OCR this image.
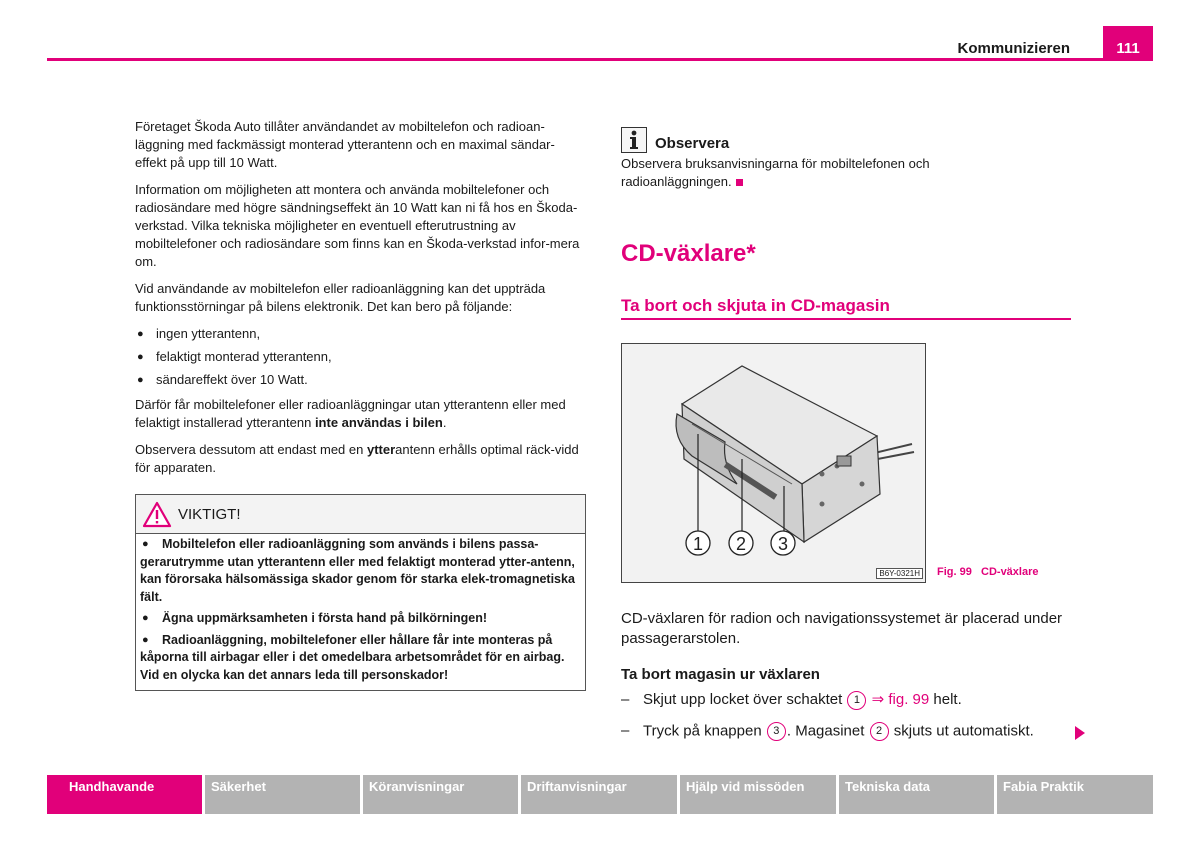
Kommunizieren	111

Företaget Škoda Auto tillåter användandet av mobiltelefon och radioan-läggning med fackmässigt monterad ytterantenn och en maximal sändar-effekt på upp till 10 Watt.

Information om möjligheten att montera och använda mobiltelefoner och radiosändare med högre sändningseffekt än 10 Watt kan ni få hos en Škoda-verkstad. Vilka tekniska möjligheter en eventuell efterutrustning av mobiltelefoner och radiosändare som finns kan en Škoda-verkstad infor-mera om.

Vid användande av mobiltelefon eller radioanläggning kan det uppträda funktionsstörningar på bilens elektronik. Det kan bero på följande:

● ingen ytterantenn,
● felaktigt monterad ytterantenn,
● sändareffekt över 10 Watt.

Därför får mobiltelefoner eller radioanläggningar utan ytterantenn eller med felaktigt installerad ytterantenn inte användas i bilen.

Observera dessutom att endast med en ytterantenn erhålls optimal räck-vidd för apparaten.

VIKTIGT!
● Mobiltelefon eller radioanläggning som används i bilens passa-gerarutrymme utan ytterantenn eller med felaktigt monterad ytter-antenn, kan förorsaka hälsomässiga skador genom för starka elek-tromagnetiska fält.
● Ägna uppmärksamheten i första hand på bilkörningen!
● Radioanläggning, mobiltelefoner eller hållare får inte monteras på kåporna till airbagar eller i det omedelbara arbetsområdet för en airbag. Vid en olycka kan det annars leda till personskador!
Observera
Observera bruksanvisningarna för mobiltelefonen och radioanläggningen.
CD-växlare*
Ta bort och skjuta in CD-magasin
1 2 3
B6Y-0321H Fig. 99 CD-växlare
CD-växlaren för radion och navigationssystemet är placerad under passagerarstolen.
Ta bort magasin ur växlaren
– Skjut upp locket över schaktet 1 ⇒ fig. 99 helt.
– Tryck på knappen 3 . Magasinet 2 skjuts ut automatiskt.
Handhavande	Säkerhet	Köranvisningar	Driftanvisningar	Hjälp vid missöden	Tekniska data	Fabia Praktik
